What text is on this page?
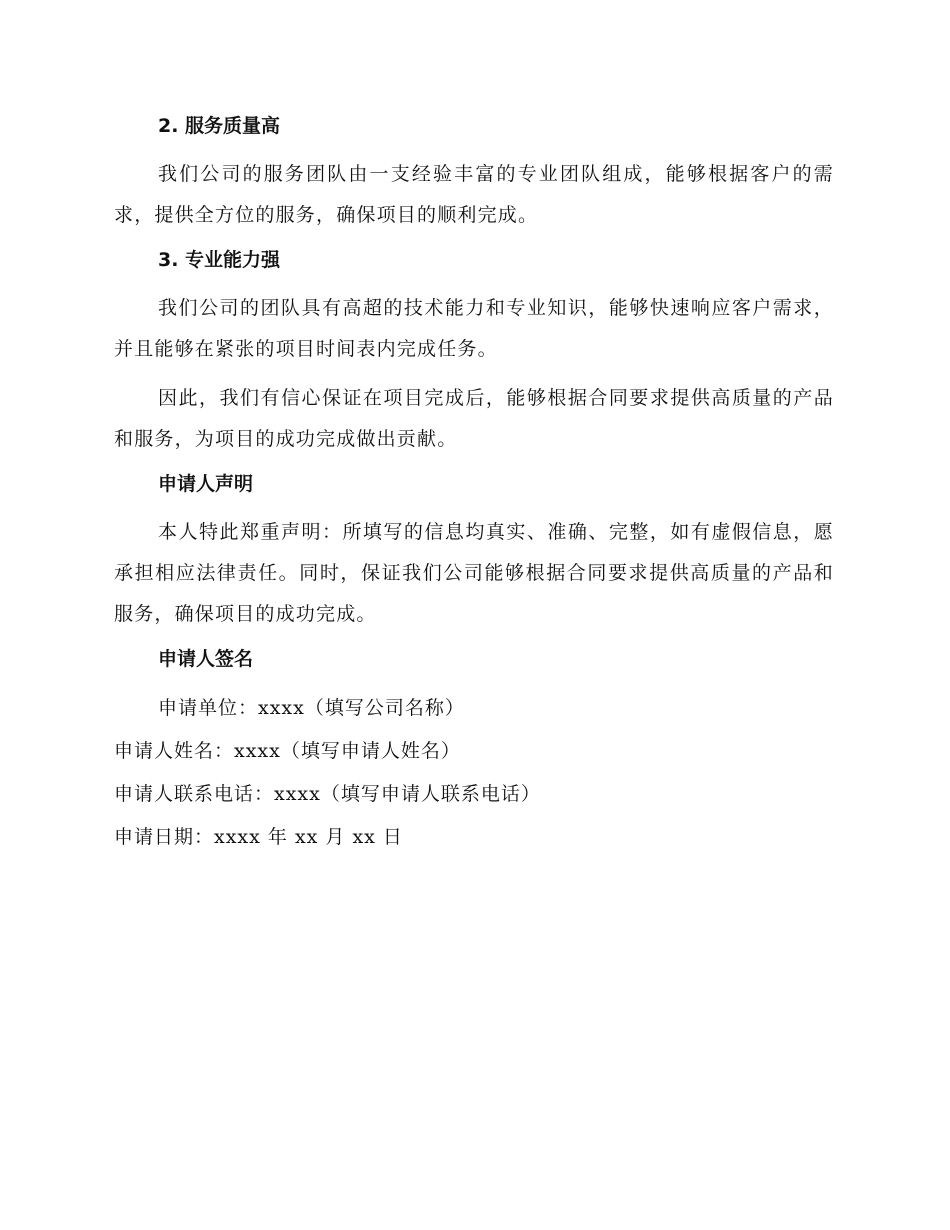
2. 服务质量高

我们公司的服务团队由一支经验丰富的专业团队组成，能够根据客户的需求，提供全方位的服务，确保项目的顺利完成。

3. 专业能力强

我们公司的团队具有高超的技术能力和专业知识，能够快速响应客户需求，并且能够在紧张的项目时间表内完成任务。

因此，我们有信心保证在项目完成后，能够根据合同要求提供高质量的产品和服务，为项目的成功完成做出贡献。

申请人声明

本人特此郑重声明：所填写的信息均真实、准确、完整，如有虚假信息，愿承担相应法律责任。同时，保证我们公司能够根据合同要求提供高质量的产品和服务，确保项目的成功完成。

申请人签名

申请单位：xxxx（填写公司名称）

申请人姓名：xxxx（填写申请人姓名）

申请人联系电话：xxxx（填写申请人联系电话）

申请日期：xxxx 年 xx 月 xx 日
